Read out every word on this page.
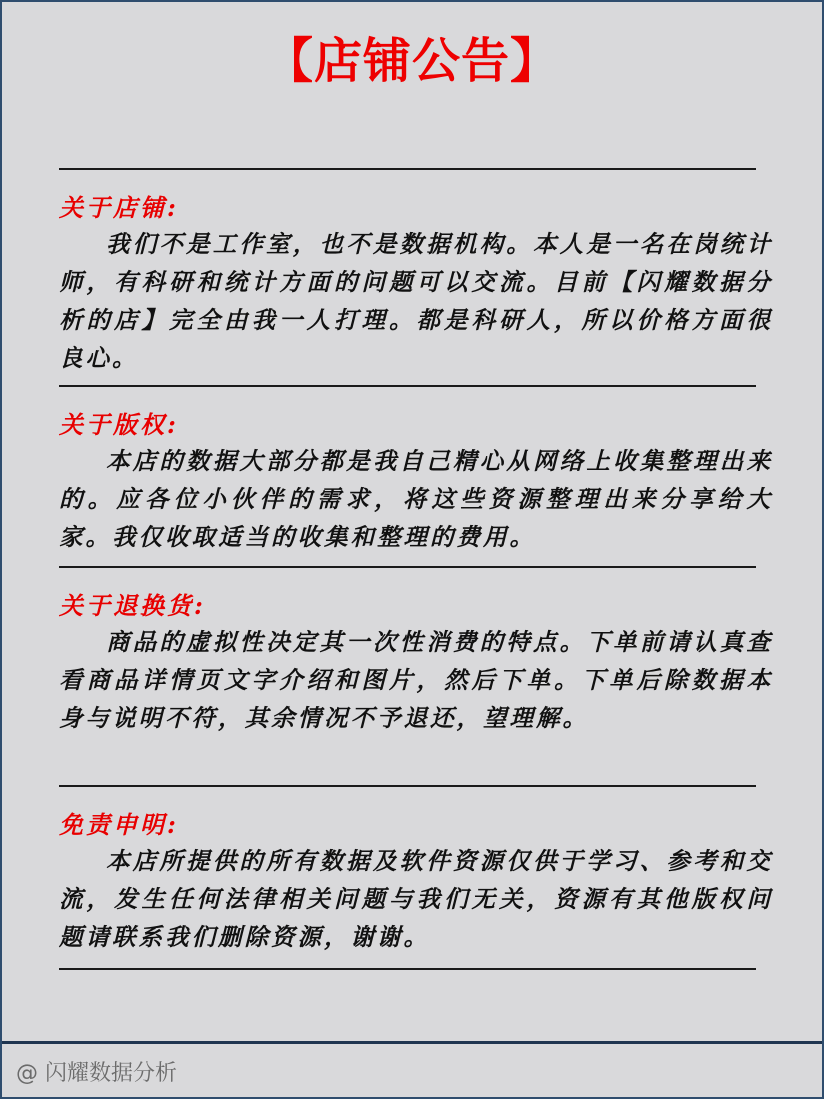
【店铺公告】
关于店铺:
我们不是工作室，也不是数据机构。本人是一名在岗统计师，有科研和统计方面的问题可以交流。目前【闪耀数据分析的店】完全由我一人打理。都是科研人，所以价格方面很良心。
关于版权:
本店的数据大部分都是我自己精心从网络上收集整理出来的。应各位小伙伴的需求，将这些资源整理出来分享给大家。我仅收取适当的收集和整理的费用。
关于退换货:
商品的虚拟性决定其一次性消费的特点。下单前请认真查看商品详情页文字介绍和图片，然后下单。下单后除数据本身与说明不符，其余情况不予退还，望理解。
免责申明:
本店所提供的所有数据及软件资源仅供于学习、参考和交流，发生任何法律相关问题与我们无关，资源有其他版权问题请联系我们删除资源，谢谢。
@ 闪耀数据分析
